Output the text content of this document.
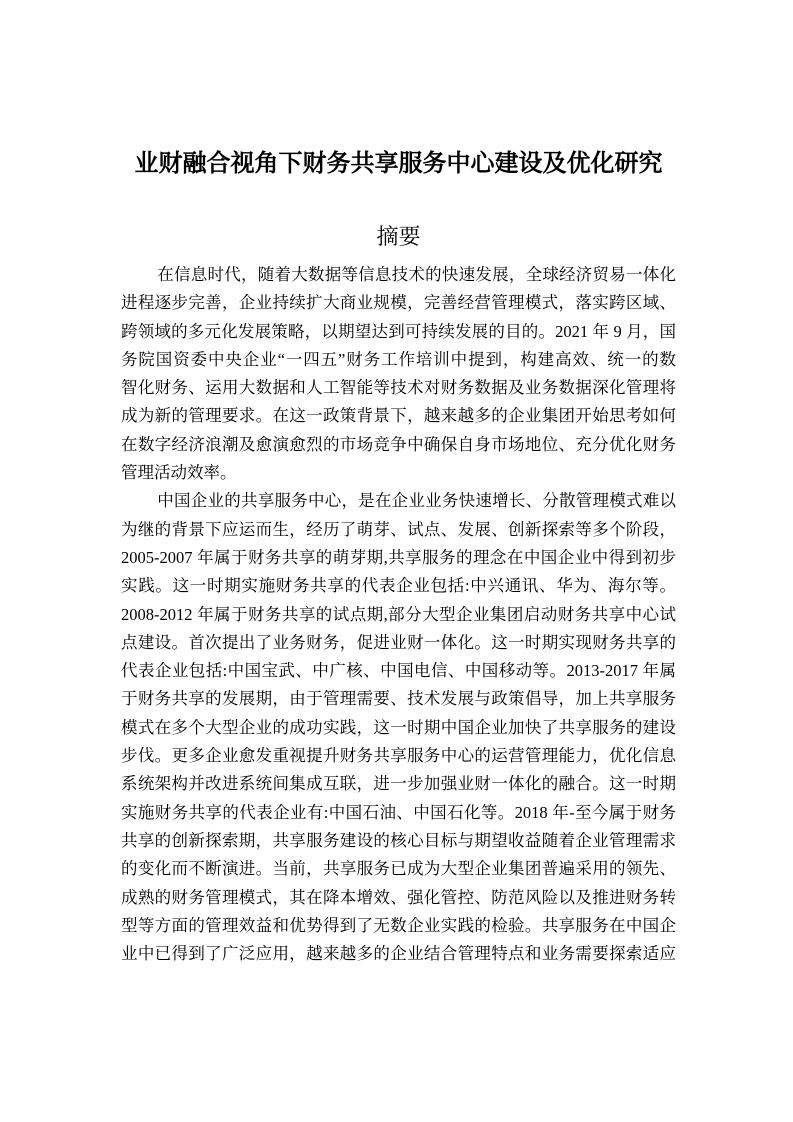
业财融合视角下财务共享服务中心建设及优化研究
摘要
在信息时代，随着大数据等信息技术的快速发展，全球经济贸易一体化
进程逐步完善，企业持续扩大商业规模，完善经营管理模式，落实跨区域、
跨领域的多元化发展策略，以期望达到可持续发展的目的。2021 年 9 月，国
务院国资委中央企业“一四五”财务工作培训中提到，构建高效、统一的数
智化财务、运用大数据和人工智能等技术对财务数据及业务数据深化管理将
成为新的管理要求。在这一政策背景下，越来越多的企业集团开始思考如何
在数字经济浪潮及愈演愈烈的市场竞争中确保自身市场地位、充分优化财务
管理活动效率。
中国企业的共享服务中心，是在企业业务快速增长、分散管理模式难以
为继的背景下应运而生，经历了萌芽、试点、发展、创新探索等多个阶段，
2005-2007 年属于财务共享的萌芽期,共享服务的理念在中国企业中得到初步
实践。这一时期实施财务共享的代表企业包括:中兴通讯、华为、海尔等。
2008-2012 年属于财务共享的试点期,部分大型企业集团启动财务共享中心试
点建设。首次提出了业务财务，促进业财一体化。这一时期实现财务共享的
代表企业包括:中国宝武、中广核、中国电信、中国移动等。2013-2017 年属
于财务共享的发展期，由于管理需要、技术发展与政策倡导，加上共享服务
模式在多个大型企业的成功实践，这一时期中国企业加快了共享服务的建设
步伐。更多企业愈发重视提升财务共享服务中心的运营管理能力，优化信息
系统架构并改进系统间集成互联，进一步加强业财一体化的融合。这一时期
实施财务共享的代表企业有:中国石油、中国石化等。2018 年-至今属于财务
共享的创新探索期，共享服务建设的核心目标与期望收益随着企业管理需求
的变化而不断演进。当前，共享服务已成为大型企业集团普遍采用的领先、
成熟的财务管理模式，其在降本增效、强化管控、防范风险以及推进财务转
型等方面的管理效益和优势得到了无数企业实践的检验。共享服务在中国企
业中已得到了广泛应用，越来越多的企业结合管理特点和业务需要探索适应
